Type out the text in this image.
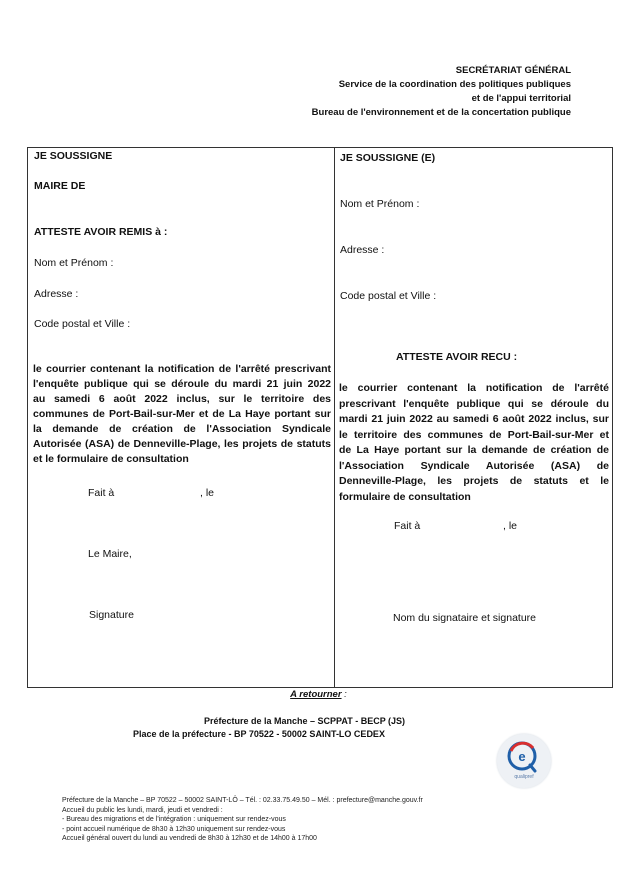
SECRÉTARIAT GÉNÉRAL
Service de la coordination des politiques publiques
et de l'appui territorial
Bureau de l'environnement et de la concertation publique
JE SOUSSIGNE
MAIRE DE
ATTESTE AVOIR REMIS à :
Nom et Prénom :
Adresse :
Code postal et Ville :
le courrier contenant la notification de l'arrêté prescrivant
l'enquête publique qui se déroule du mardi 21 juin 2022
au samedi 6 août 2022 inclus, sur le territoire des
communes de Port-Bail-sur-Mer et de La Haye portant sur
la demande de création de l'Association Syndicale
Autorisée (ASA) de Denneville-Plage, les projets de statuts
et le formulaire de consultation
Fait à	, le
Le Maire,
Signature
JE SOUSSIGNE (E)
Nom et Prénom :
Adresse :
Code postal et Ville :
ATTESTE AVOIR RECU :
le courrier contenant la notification de l'arrêté
prescrivant l'enquête publique qui se déroule du
mardi 21 juin 2022 au samedi 6 août 2022 inclus, sur
le territoire des communes de Port-Bail-sur-Mer et
de La Haye portant sur la demande de création de
l'Association Syndicale Autorisée (ASA) de
Denneville-Plage, les projets de statuts et le
formulaire de consultation
Fait à	, le
Nom du signataire et signature
A retourner :
Préfecture de la Manche – SCPPAT - BECP (JS)
Place de la préfecture - BP 70522 - 50002 SAINT-LO CEDEX
e
qualipref
Préfecture de la Manche – BP 70522 – 50002 SAINT-LÔ – Tél. : 02.33.75.49.50 – Mél. : prefecture@manche.gouv.fr
Accueil du public les lundi, mardi, jeudi et vendredi :
- Bureau des migrations et de l'intégration : uniquement sur rendez-vous
- point accueil numérique de 8h30 à 12h30 uniquement sur rendez-vous
Accueil général ouvert du lundi au vendredi de 8h30 à 12h30 et de 14h00 à 17h00
